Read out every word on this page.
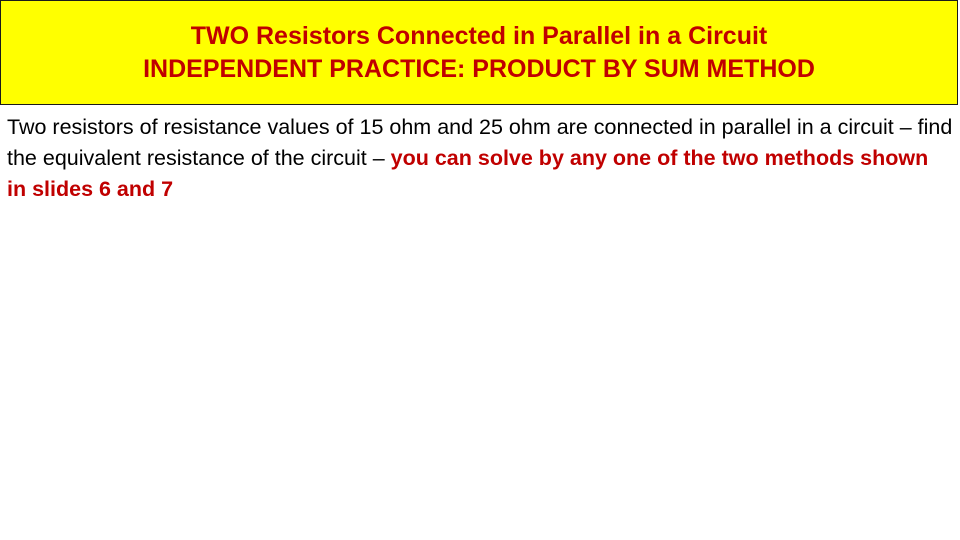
TWO Resistors Connected in Parallel in a Circuit
INDEPENDENT PRACTICE: PRODUCT BY SUM METHOD
Two resistors of resistance values of 15 ohm and 25 ohm are connected in parallel in a circuit – find the equivalent resistance of the circuit – you can solve by any one of the two methods shown in slides 6 and 7
